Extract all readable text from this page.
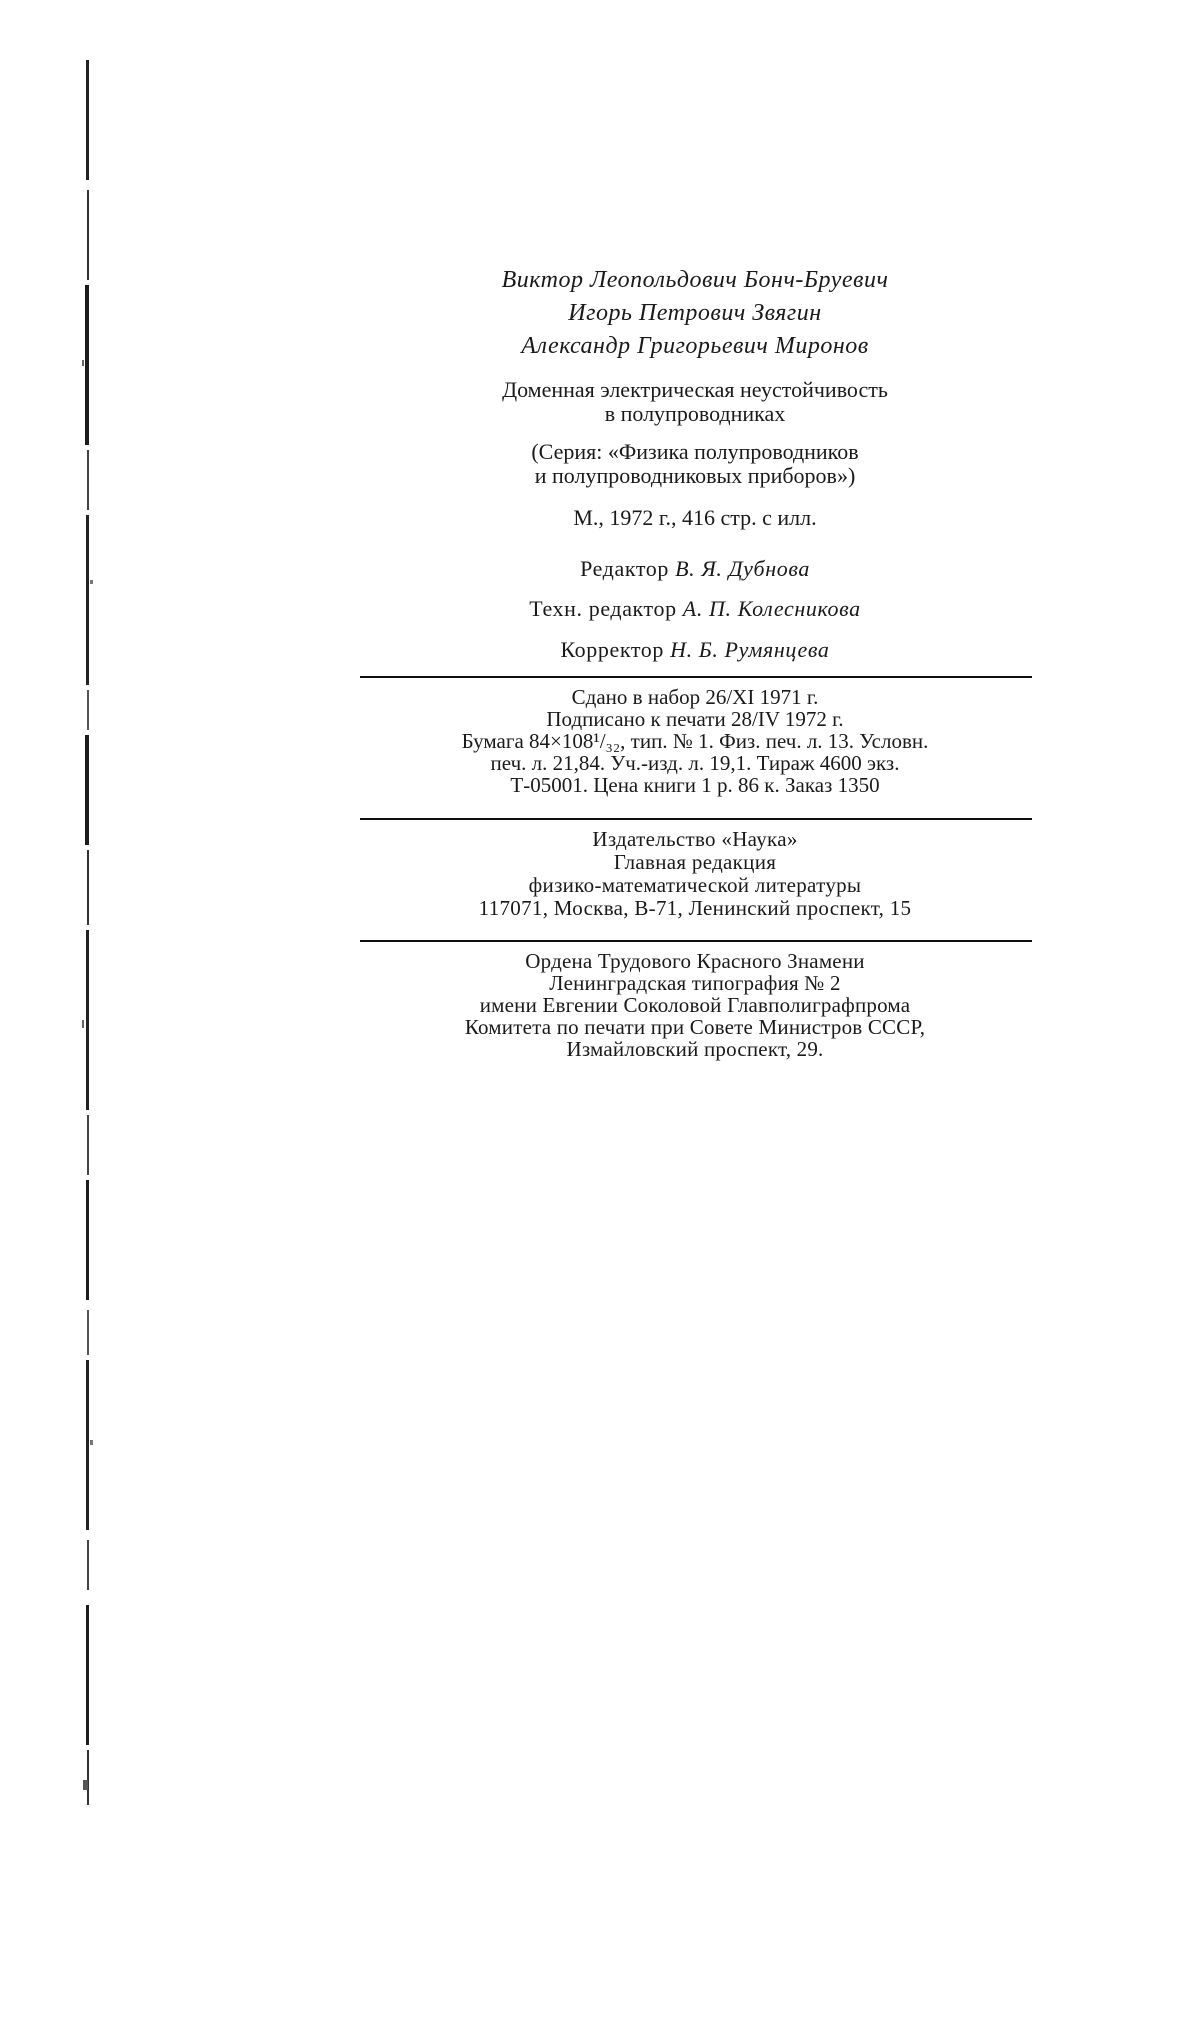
Виктор Леопольдович Бонч-Бруевич
Игорь Петрович Звягин
Александр Григорьевич Миронов
Доменная электрическая неустойчивость
в полупроводниках
(Серия: «Физика полупроводников
и полупроводниковых приборов»)
М., 1972 г., 416 стр. с илл.
Редактор В. Я. Дубнова
Техн. редактор А. П. Колесникова
Корректор Н. Б. Румянцева
Сдано в набор 26/XI 1971 г.
Подписано к печати 28/IV 1972 г.
Бумага 84×108¹/₃₂, тип. № 1. Физ. печ. л. 13. Условн.
печ. л. 21,84. Уч.-изд. л. 19,1. Тираж 4600 экз.
Т-05001. Цена книги 1 р. 86 к. Заказ 1350
Издательство «Наука»
Главная редакция
физико-математической литературы
117071, Москва, В-71, Ленинский проспект, 15
Ордена Трудового Красного Знамени
Ленинградская типография № 2
имени Евгении Соколовой Главполиграфпрома
Комитета по печати при Совете Министров СССР,
Измайловский проспект, 29.
